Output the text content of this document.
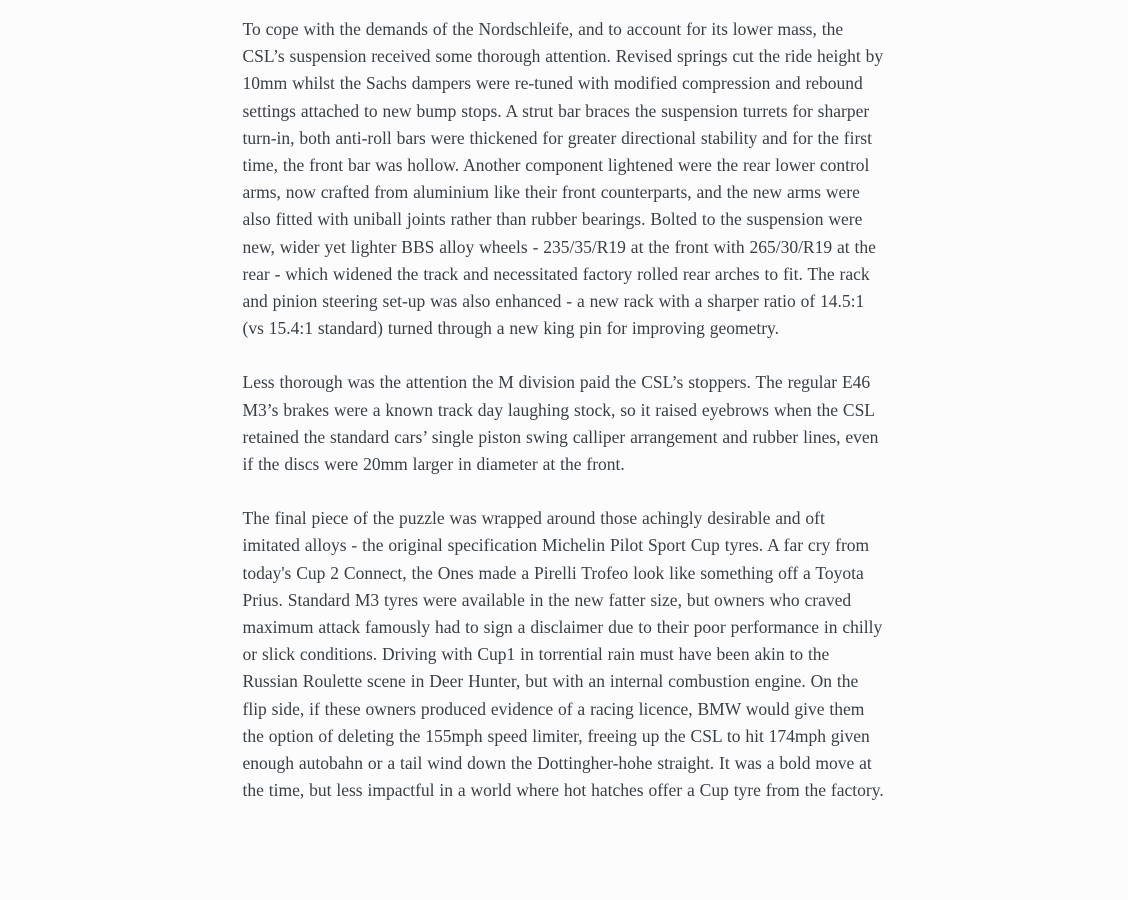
To cope with the demands of the Nordschleife, and to account for its lower mass, the CSL’s suspension received some thorough attention. Revised springs cut the ride height by 10mm whilst the Sachs dampers were re-tuned with modified compression and rebound settings attached to new bump stops. A strut bar braces the suspension turrets for sharper turn-in, both anti-roll bars were thickened for greater directional stability and for the first time, the front bar was hollow. Another component lightened were the rear lower control arms, now crafted from aluminium like their front counterparts, and the new arms were also fitted with uniball joints rather than rubber bearings. Bolted to the suspension were new, wider yet lighter BBS alloy wheels - 235/35/R19 at the front with 265/30/R19 at the rear - which widened the track and necessitated factory rolled rear arches to fit. The rack and pinion steering set-up was also enhanced - a new rack with a sharper ratio of 14.5:1 (vs 15.4:1 standard) turned through a new king pin for improving geometry.

Less thorough was the attention the M division paid the CSL’s stoppers. The regular E46 M3’s brakes were a known track day laughing stock, so it raised eyebrows when the CSL retained the standard cars’ single piston swing calliper arrangement and rubber lines, even if the discs were 20mm larger in diameter at the front.

The final piece of the puzzle was wrapped around those achingly desirable and oft imitated alloys - the original specification Michelin Pilot Sport Cup tyres. A far cry from today's Cup 2 Connect, the Ones made a Pirelli Trofeo look like something off a Toyota Prius. Standard M3 tyres were available in the new fatter size, but owners who craved maximum attack famously had to sign a disclaimer due to their poor performance in chilly or slick conditions. Driving with Cup1 in torrential rain must have been akin to the Russian Roulette scene in Deer Hunter, but with an internal combustion engine. On the flip side, if these owners produced evidence of a racing licence, BMW would give them the option of deleting the 155mph speed limiter, freeing up the CSL to hit 174mph given enough autobahn or a tail wind down the Dottingher-hohe straight. It was a bold move at the time, but less impactful in a world where hot hatches offer a Cup tyre from the factory.
